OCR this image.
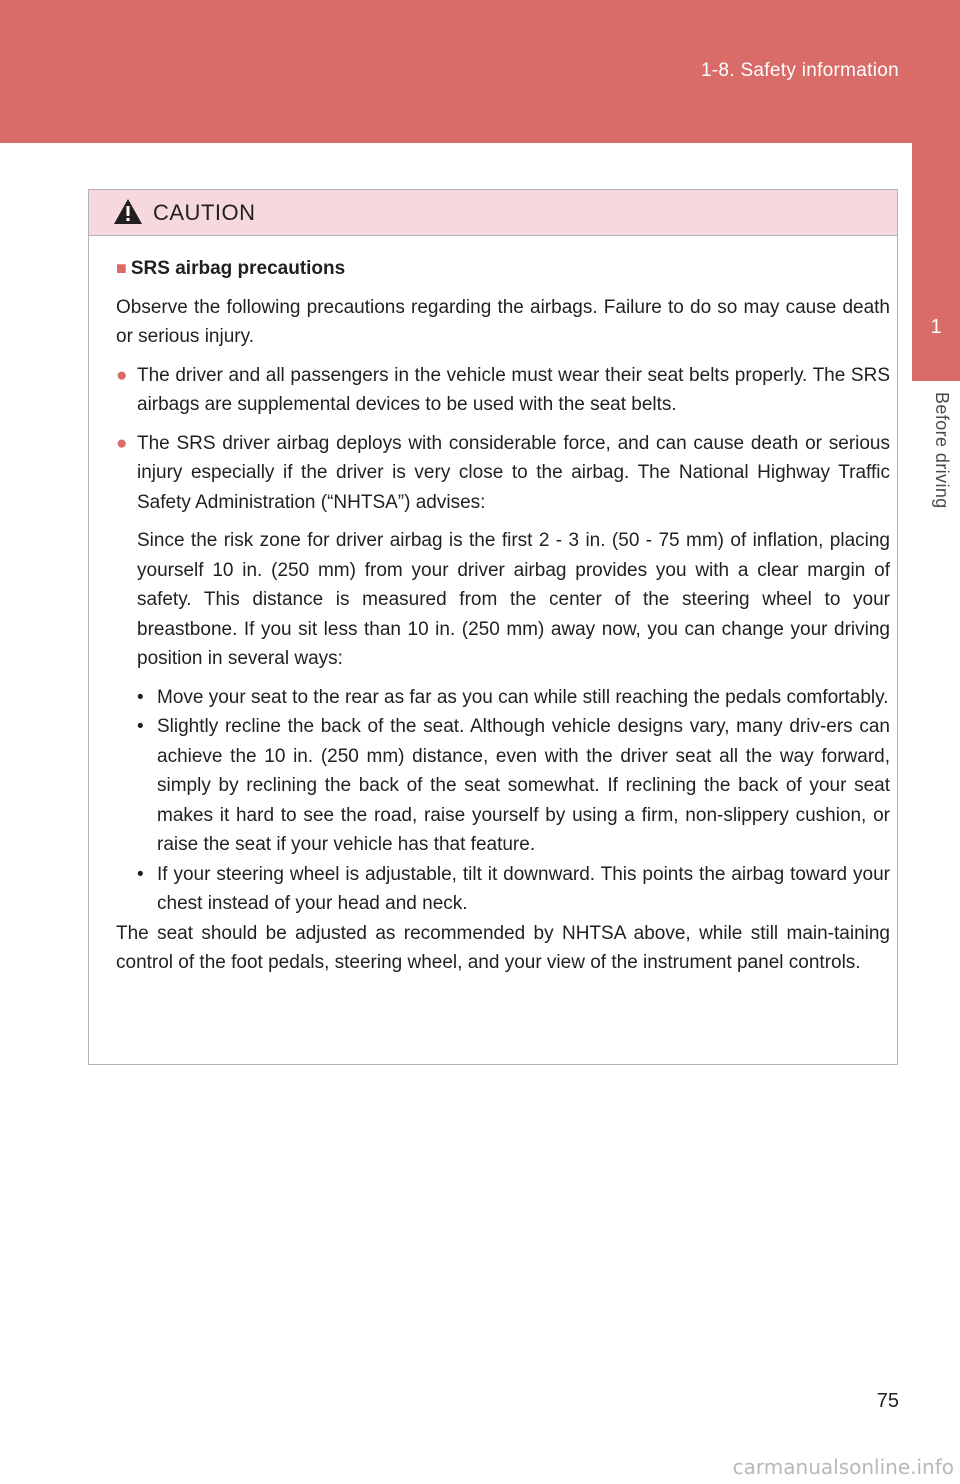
1-8. Safety information
1
Before driving
CAUTION
■ SRS airbag precautions

Observe the following precautions regarding the airbags. Failure to do so may cause death or serious injury.

● The driver and all passengers in the vehicle must wear their seat belts properly. The SRS airbags are supplemental devices to be used with the seat belts.

● The SRS driver airbag deploys with considerable force, and can cause death or serious injury especially if the driver is very close to the airbag. The National Highway Traffic Safety Administration (“NHTSA”) advises:

Since the risk zone for driver airbag is the first 2 - 3 in. (50 - 75 mm) of inflation, placing yourself 10 in. (250 mm) from your driver airbag provides you with a clear margin of safety. This distance is measured from the center of the steering wheel to your breastbone. If you sit less than 10 in. (250 mm) away now, you can change your driving position in several ways:

• Move your seat to the rear as far as you can while still reaching the pedals comfortably.

• Slightly recline the back of the seat. Although vehicle designs vary, many driv-ers can achieve the 10 in. (250 mm) distance, even with the driver seat all the way forward, simply by reclining the back of the seat somewhat. If reclining the back of your seat makes it hard to see the road, raise yourself by using a firm, non-slippery cushion, or raise the seat if your vehicle has that feature.

• If your steering wheel is adjustable, tilt it downward. This points the airbag toward your chest instead of your head and neck.

The seat should be adjusted as recommended by NHTSA above, while still main-taining control of the foot pedals, steering wheel, and your view of the instrument panel controls.

75
carmanualsonline.info
